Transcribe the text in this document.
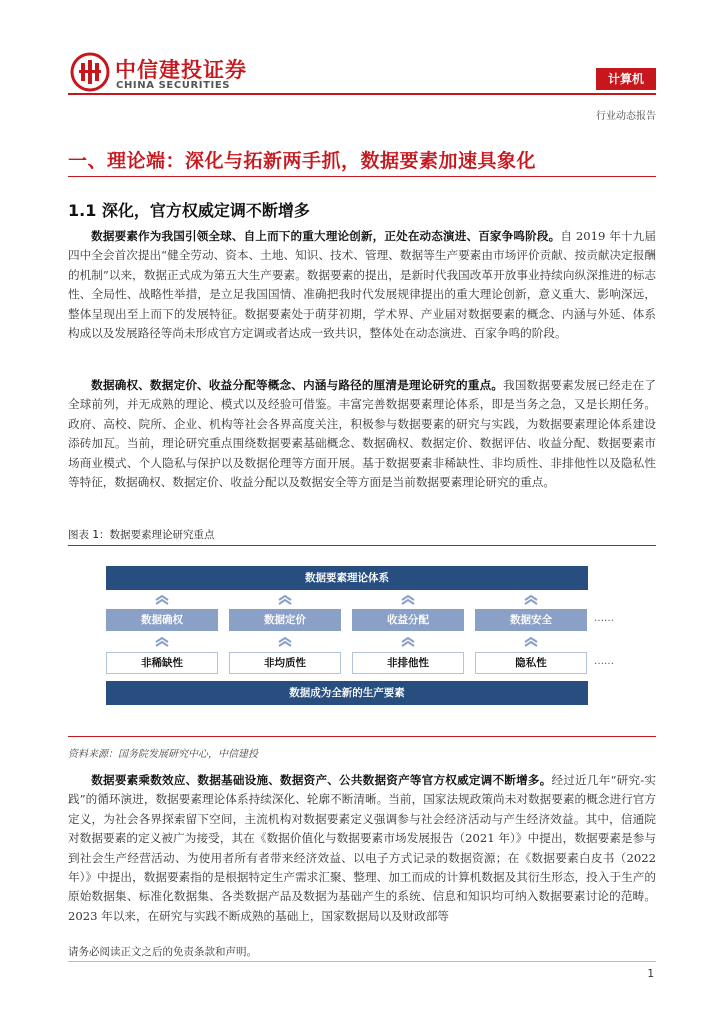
中信建投证券
CHINA SECURITIES	计算机
行业动态报告
一、理论端：深化与拓新两手抓，数据要素加速具象化
1.1 深化，官方权威定调不断增多
数据要素作为我国引领全球、自上而下的重大理论创新，正处在动态演进、百家争鸣阶段。自 2019 年十九届四中全会首次提出“健全劳动、资本、土地、知识、技术、管理、数据等生产要素由市场评价贡献、按贡献决定报酬的机制”以来，数据正式成为第五大生产要素。数据要素的提出，是新时代我国改革开放事业持续向纵深推进的标志性、全局性、战略性举措，是立足我国国情、准确把我时代发展规律提出的重大理论创新，意义重大、影响深远，整体呈现出至上而下的发展特征。数据要素处于萌芽初期，学术界、产业届对数据要素的概念、内涵与外延、体系构成以及发展路径等尚未形成官方定调或者达成一致共识，整体处在动态演进、百家争鸣的阶段。
数据确权、数据定价、收益分配等概念、内涵与路径的厘清是理论研究的重点。我国数据要素发展已经走在了全球前列，并无成熟的理论、模式以及经验可借鉴。丰富完善数据要素理论体系，即是当务之急，又是长期任务。政府、高校、院所、企业、机构等社会各界高度关注，积极参与数据要素的研究与实践，为数据要素理论体系建设添砖加瓦。当前，理论研究重点围绕数据要素基础概念、数据确权、数据定价、数据评估、收益分配、数据要素市场商业模式、个人隐私与保护以及数据伦理等方面开展。基于数据要素非稀缺性、非均质性、非排他性以及隐私性等特征，数据确权、数据定价、收益分配以及数据安全等方面是当前数据要素理论研究的重点。
图表 1：数据要素理论研究重点
数据要素理论体系
数据确权	数据定价	收益分配	数据安全	……
非稀缺性	非均质性	非排他性	隐私性	……
数据成为全新的生产要素
资料来源：国务院发展研究中心，中信建投
数据要素乘数效应、数据基础设施、数据资产、公共数据资产等官方权威定调不断增多。经过近几年“研究-实践”的循环演进，数据要素理论体系持续深化、轮廓不断清晰。当前，国家法规政策尚未对数据要素的概念进行官方定义，为社会各界探索留下空间，主流机构对数据要素定义强调参与社会经济活动与产生经济效益。其中，信通院对数据要素的定义被广为接受，其在《数据价值化与数据要素市场发展报告（2021 年）》中提出，数据要素是参与到社会生产经营活动、为使用者所有者带来经济效益、以电子方式记录的数据资源；在《数据要素白皮书（2022 年）》中提出，数据要素指的是根据特定生产需求汇聚、整理、加工而成的计算机数据及其衍生形态，投入于生产的原始数据集、标准化数据集、各类数据产品及数据为基础产生的系统、信息和知识均可纳入数据要素讨论的范畴。2023 年以来，在研究与实践不断成熟的基础上，国家数据局以及财政部等
请务必阅读正文之后的免责条款和声明。
1
